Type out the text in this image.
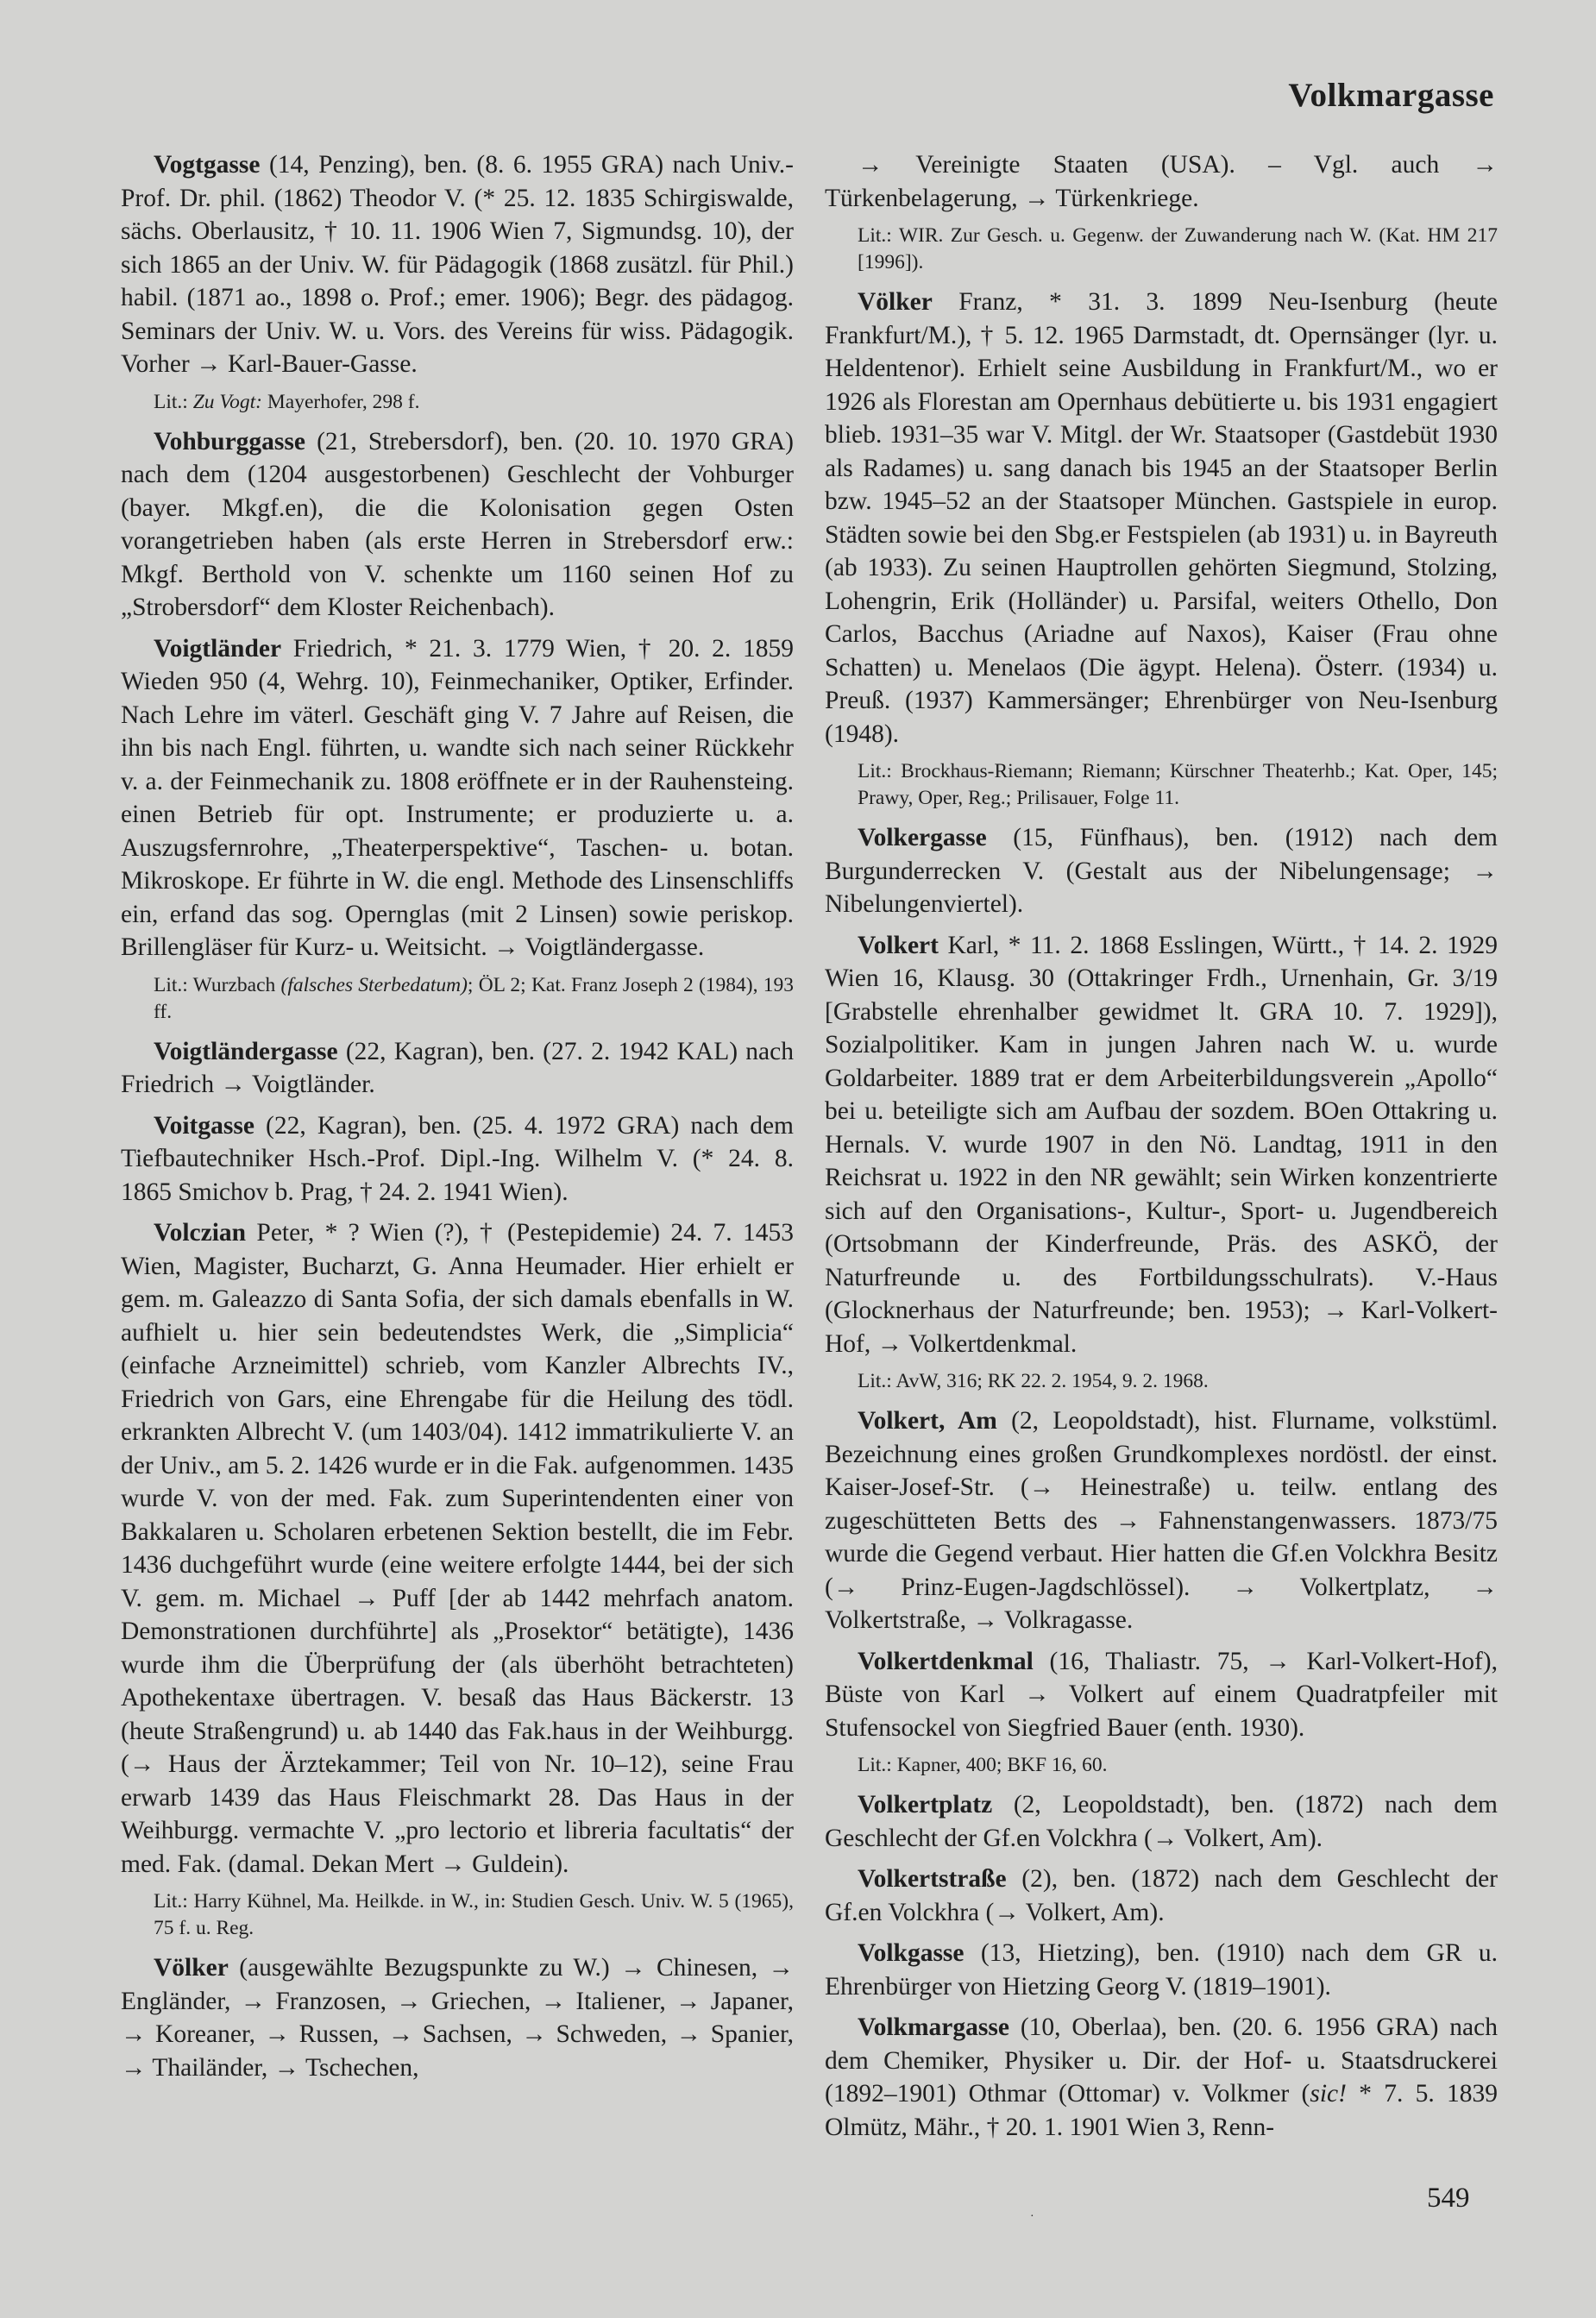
Volkmargasse

Vogtgasse (14, Penzing), ben. (8. 6. 1955 GRA) nach Univ.-Prof. Dr. phil. (1862) Theodor V. (* 25. 12. 1835 Schirgiswalde, sächs. Oberlausitz, † 10. 11. 1906 Wien 7, Sigmundsg. 10), der sich 1865 an der Univ. W. für Pädagogik (1868 zusätzl. für Phil.) habil. (1871 ao., 1898 o. Prof.; emer. 1906); Begr. des pädagog. Seminars der Univ. W. u. Vors. des Vereins für wiss. Pädagogik. Vorher → Karl-Bauer-Gasse.

Lit.: Zu Vogt: Mayerhofer, 298 f.

Vohburggasse (21, Strebersdorf), ben. (20. 10. 1970 GRA) nach dem (1204 ausgestorbenen) Geschlecht der Vohburger (bayer. Mkgf.en), die die Kolonisation gegen Osten vorangetrieben haben (als erste Herren in Strebersdorf erw.: Mkgf. Berthold von V. schenkte um 1160 seinen Hof zu „Strobersdorf“ dem Kloster Reichenbach).

Voigtländer Friedrich, * 21. 3. 1779 Wien, † 20. 2. 1859 Wieden 950 (4, Wehrg. 10), Feinmechaniker, Optiker, Erfinder. Nach Lehre im väterl. Geschäft ging V. 7 Jahre auf Reisen, die ihn bis nach Engl. führten, u. wandte sich nach seiner Rückkehr v. a. der Feinmechanik zu. 1808 eröffnete er in der Rauhensteing. einen Betrieb für opt. Instrumente; er produzierte u. a. Auszugsfernrohre, „Theaterperspektive“, Taschen- u. botan. Mikroskope. Er führte in W. die engl. Methode des Linsenschliffs ein, erfand das sog. Opernglas (mit 2 Linsen) sowie periskop. Brillengläser für Kurz- u. Weitsicht. → Voigtländergasse.

Lit.: Wurzbach (falsches Sterbedatum); ÖL 2; Kat. Franz Joseph 2 (1984), 193 ff.

Voigtländergasse (22, Kagran), ben. (27. 2. 1942 KAL) nach Friedrich → Voigtländer.

Voitgasse (22, Kagran), ben. (25. 4. 1972 GRA) nach dem Tiefbautechniker Hsch.-Prof. Dipl.-Ing. Wilhelm V. (* 24. 8. 1865 Smichov b. Prag, † 24. 2. 1941 Wien).

Volczian Peter, * ? Wien (?), † (Pestepidemie) 24. 7. 1453 Wien, Magister, Bucharzt, G. Anna Heumader. Hier erhielt er gem. m. Galeazzo di Santa Sofia, der sich damals ebenfalls in W. aufhielt u. hier sein bedeutendstes Werk, die „Simplicia“ (einfache Arzneimittel) schrieb, vom Kanzler Albrechts IV., Friedrich von Gars, eine Ehrengabe für die Heilung des tödl. erkrankten Albrecht V. (um 1403/04). 1412 immatrikulierte V. an der Univ., am 5. 2. 1426 wurde er in die Fak. aufgenommen. 1435 wurde V. von der med. Fak. zum Superintendenten einer von Bakkalaren u. Scholaren erbetenen Sektion bestellt, die im Febr. 1436 duchgeführt wurde (eine weitere erfolgte 1444, bei der sich V. gem. m. Michael → Puff [der ab 1442 mehrfach anatom. Demonstrationen durchführte] als „Prosektor“ betätigte), 1436 wurde ihm die Überprüfung der (als überhöht betrachteten) Apothekentaxe übertragen. V. besaß das Haus Bäckerstr. 13 (heute Straßengrund) u. ab 1440 das Fak.haus in der Weihburgg. (→ Haus der Ärztekammer; Teil von Nr. 10–12), seine Frau erwarb 1439 das Haus Fleischmarkt 28. Das Haus in der Weihburgg. vermachte V. „pro lectorio et libreria facultatis“ der med. Fak. (damal. Dekan Mert → Guldein).

Lit.: Harry Kühnel, Ma. Heilkde. in W., in: Studien Gesch. Univ. W. 5 (1965), 75 f. u. Reg.

Völker (ausgewählte Bezugspunkte zu W.) → Chinesen, → Engländer, → Franzosen, → Griechen, → Italiener, → Japaner, → Koreaner, → Russen, → Sachsen, → Schweden, → Spanier, → Thailänder, → Tschechen,

→ Vereinigte Staaten (USA). – Vgl. auch → Türkenbelagerung, → Türkenkriege.

Lit.: WIR. Zur Gesch. u. Gegenw. der Zuwanderung nach W. (Kat. HM 217 [1996]).

Völker Franz, * 31. 3. 1899 Neu-Isenburg (heute Frankfurt/M.), † 5. 12. 1965 Darmstadt, dt. Opernsänger (lyr. u. Heldentenor). Erhielt seine Ausbildung in Frankfurt/M., wo er 1926 als Florestan am Opernhaus debütierte u. bis 1931 engagiert blieb. 1931–35 war V. Mitgl. der Wr. Staatsoper (Gastdebüt 1930 als Radames) u. sang danach bis 1945 an der Staatsoper Berlin bzw. 1945–52 an der Staatsoper München. Gastspiele in europ. Städten sowie bei den Sbg.er Festspielen (ab 1931) u. in Bayreuth (ab 1933). Zu seinen Hauptrollen gehörten Siegmund, Stolzing, Lohengrin, Erik (Holländer) u. Parsifal, weiters Othello, Don Carlos, Bacchus (Ariadne auf Naxos), Kaiser (Frau ohne Schatten) u. Menelaos (Die ägypt. Helena). Österr. (1934) u. Preuß. (1937) Kammersänger; Ehrenbürger von Neu-Isenburg (1948).

Lit.: Brockhaus-Riemann; Riemann; Kürschner Theaterhb.; Kat. Oper, 145; Prawy, Oper, Reg.; Prilisauer, Folge 11.

Volkergasse (15, Fünfhaus), ben. (1912) nach dem Burgunderrecken V. (Gestalt aus der Nibelungensage; → Nibelungenviertel).

Volkert Karl, * 11. 2. 1868 Esslingen, Württ., † 14. 2. 1929 Wien 16, Klausg. 30 (Ottakringer Frdh., Urnenhain, Gr. 3/19 [Grabstelle ehrenhalber gewidmet lt. GRA 10. 7. 1929]), Sozialpolitiker. Kam in jungen Jahren nach W. u. wurde Goldarbeiter. 1889 trat er dem Arbeiterbildungsverein „Apollo“ bei u. beteiligte sich am Aufbau der sozdem. BOen Ottakring u. Hernals. V. wurde 1907 in den Nö. Landtag, 1911 in den Reichsrat u. 1922 in den NR gewählt; sein Wirken konzentrierte sich auf den Organisations-, Kultur-, Sport- u. Jugendbereich (Ortsobmann der Kinderfreunde, Präs. des ASKÖ, der Naturfreunde u. des Fortbildungsschulrats). V.-Haus (Glocknerhaus der Naturfreunde; ben. 1953); → Karl-Volkert-Hof, → Volkertdenkmal.

Lit.: AvW, 316; RK 22. 2. 1954, 9. 2. 1968.

Volkert, Am (2, Leopoldstadt), hist. Flurname, volkstüml. Bezeichnung eines großen Grundkomplexes nordöstl. der einst. Kaiser-Josef-Str. (→ Heinestraße) u. teilw. entlang des zugeschütteten Betts des → Fahnenstangenwassers. 1873/75 wurde die Gegend verbaut. Hier hatten die Gf.en Volckhra Besitz (→ Prinz-Eugen-Jagdschlössel). → Volkertplatz, → Volkertstraße, → Volkragasse.

Volkertdenkmal (16, Thaliastr. 75, → Karl-Volkert-Hof), Büste von Karl → Volkert auf einem Quadratpfeiler mit Stufensockel von Siegfried Bauer (enth. 1930).

Lit.: Kapner, 400; BKF 16, 60.

Volkertplatz (2, Leopoldstadt), ben. (1872) nach dem Geschlecht der Gf.en Volckhra (→ Volkert, Am).

Volkertstraße (2), ben. (1872) nach dem Geschlecht der Gf.en Volckhra (→ Volkert, Am).

Volkgasse (13, Hietzing), ben. (1910) nach dem GR u. Ehrenbürger von Hietzing Georg V. (1819–1901).

Volkmargasse (10, Oberlaa), ben. (20. 6. 1956 GRA) nach dem Chemiker, Physiker u. Dir. der Hof- u. Staatsdruckerei (1892–1901) Othmar (Ottomar) v. Volkmer (sic! * 7. 5. 1839 Olmütz, Mähr., † 20. 1. 1901 Wien 3, Renn-

·
549
